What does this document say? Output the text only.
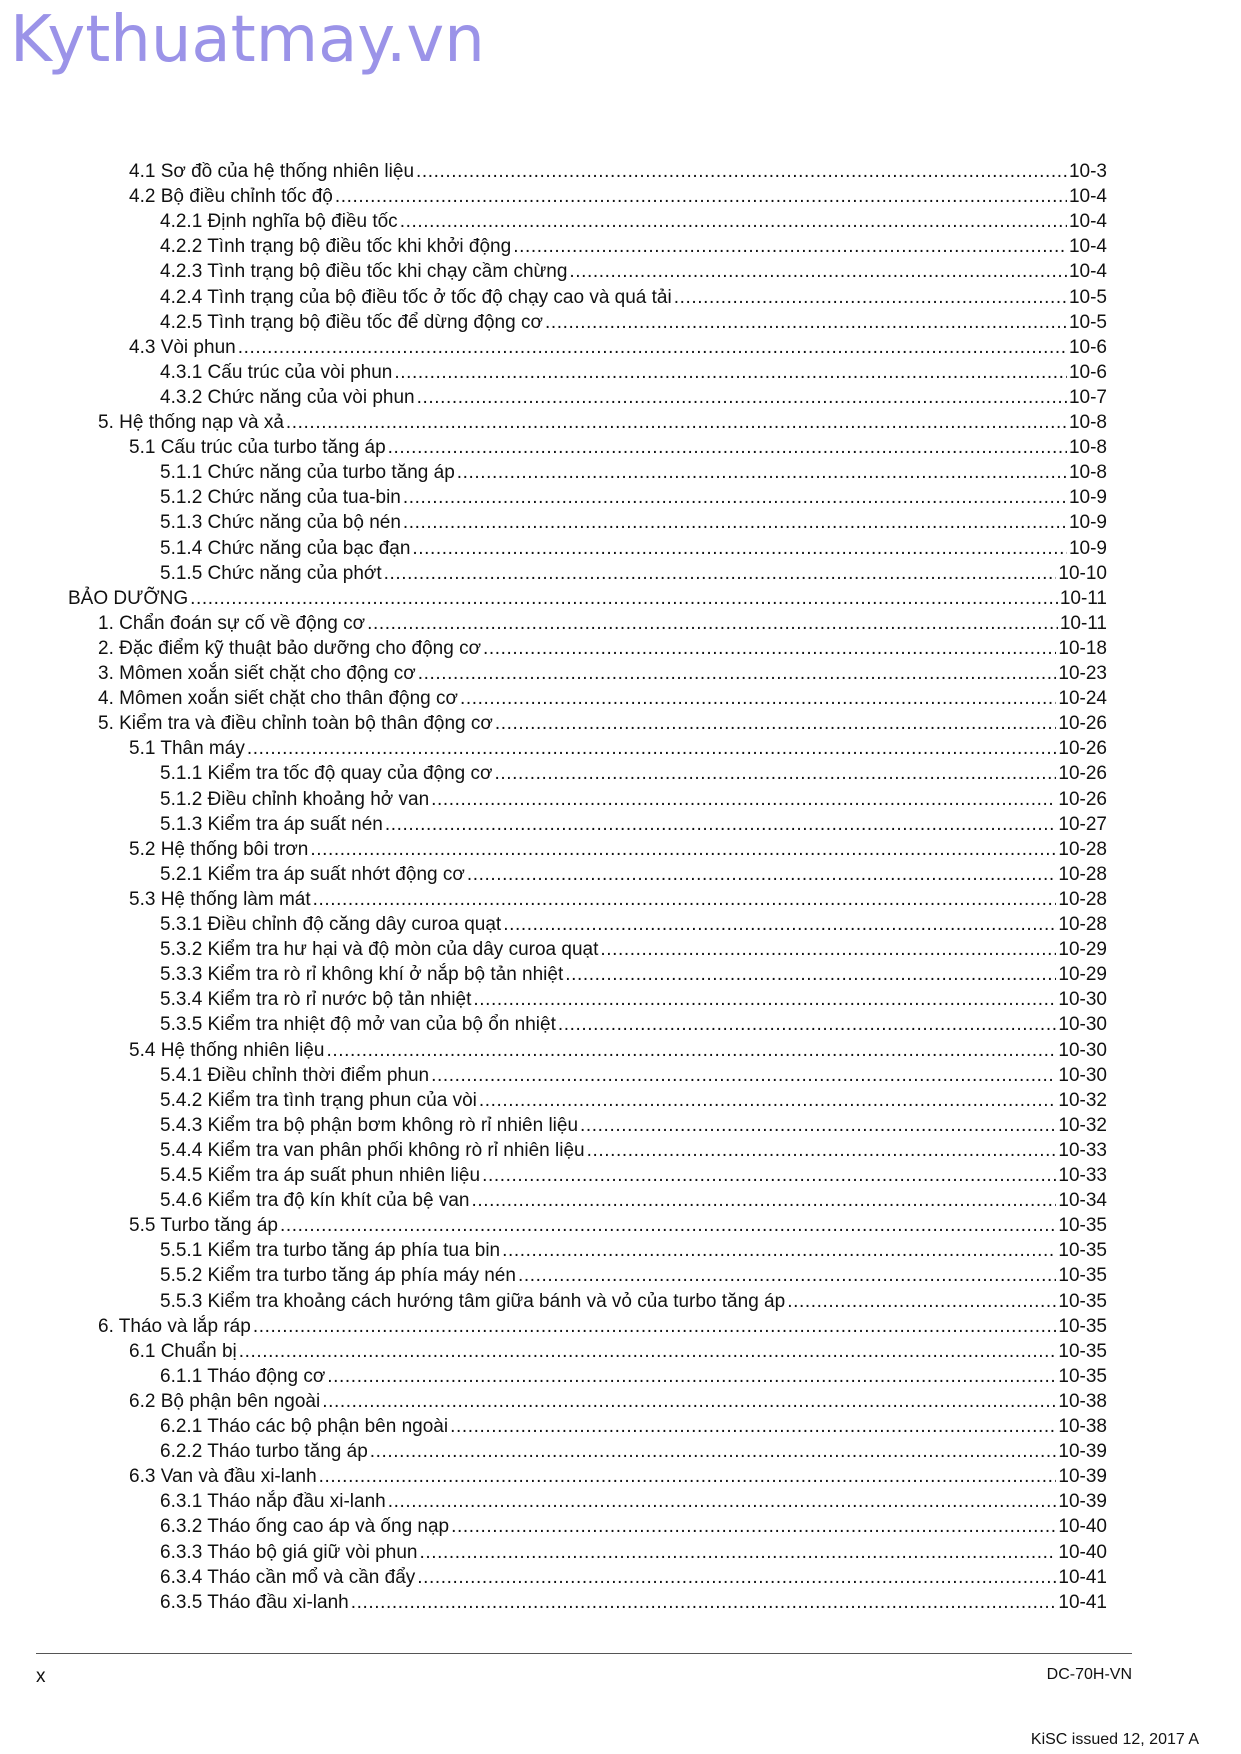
Kythuatmay.vn
4.1 Sơ đồ của hệ thống nhiên liệu .....	10-3
4.2 Bộ điều chỉnh tốc độ .....	10-4
4.2.1 Định nghĩa bộ điều tốc .....	10-4
4.2.2 Tình trạng bộ điều tốc khi khởi động .....	10-4
4.2.3 Tình trạng bộ điều tốc khi chạy cầm chừng .....	10-4
4.2.4 Tình trạng của bộ điều tốc ở tốc độ chạy cao và quá tải .....	10-5
4.2.5 Tình trạng bộ điều tốc để dừng động cơ .....	10-5
4.3 Vòi phun .....	10-6
4.3.1 Cấu trúc của vòi phun .....	10-6
4.3.2 Chức năng của vòi phun .....	10-7
5. Hệ thống nạp và xả .....	10-8
5.1 Cấu trúc của turbo tăng áp .....	10-8
5.1.1 Chức năng của turbo tăng áp .....	10-8
5.1.2 Chức năng của tua-bin .....	10-9
5.1.3 Chức năng của bộ nén .....	10-9
5.1.4 Chức năng của bạc đạn .....	10-9
5.1.5 Chức năng của phớt .....	10-10
BẢO DƯỠNG .....	10-11
1. Chẩn đoán sự cố về động cơ .....	10-11
2. Đặc điểm kỹ thuật bảo dưỡng cho động cơ .....	10-18
3. Mômen xoắn siết chặt cho động cơ .....	10-23
4. Mômen xoắn siết chặt cho thân động cơ .....	10-24
5. Kiểm tra và điều chỉnh toàn bộ thân động cơ .....	10-26
5.1 Thân máy .....	10-26
5.1.1 Kiểm tra tốc độ quay của động cơ .....	10-26
5.1.2 Điều chỉnh khoảng hở van .....	10-26
5.1.3 Kiểm tra áp suất nén .....	10-27
5.2 Hệ thống bôi trơn .....	10-28
5.2.1 Kiểm tra áp suất nhớt động cơ .....	10-28
5.3 Hệ thống làm mát .....	10-28
5.3.1 Điều chỉnh độ căng dây curoa quạt .....	10-28
5.3.2 Kiểm tra hư hại và độ mòn của dây curoa quạt .....	10-29
5.3.3 Kiểm tra rò rỉ không khí ở nắp bộ tản nhiệt .....	10-29
5.3.4 Kiểm tra rò rỉ nước bộ tản nhiệt .....	10-30
5.3.5 Kiểm tra nhiệt độ mở van của bộ ổn nhiệt .....	10-30
5.4 Hệ thống nhiên liệu .....	10-30
5.4.1 Điều chỉnh thời điểm phun .....	10-30
5.4.2 Kiểm tra tình trạng phun của vòi .....	10-32
5.4.3 Kiểm tra bộ phận bơm không rò rỉ nhiên liệu .....	10-32
5.4.4 Kiểm tra van phân phối không rò rỉ nhiên liệu .....	10-33
5.4.5 Kiểm tra áp suất phun nhiên liệu .....	10-33
5.4.6 Kiểm tra độ kín khít của bệ van .....	10-34
5.5 Turbo tăng áp .....	10-35
5.5.1 Kiểm tra turbo tăng áp phía tua bin .....	10-35
5.5.2 Kiểm tra turbo tăng áp phía máy nén .....	10-35
5.5.3 Kiểm tra khoảng cách hướng tâm giữa bánh và vỏ của turbo tăng áp .....	10-35
6. Tháo và lắp ráp .....	10-35
6.1 Chuẩn bị .....	10-35
6.1.1 Tháo động cơ .....	10-35
6.2 Bộ phận bên ngoài .....	10-38
6.2.1 Tháo các bộ phận bên ngoài .....	10-38
6.2.2 Tháo turbo tăng áp .....	10-39
6.3 Van và đầu xi-lanh .....	10-39
6.3.1 Tháo nắp đầu xi-lanh .....	10-39
6.3.2 Tháo ống cao áp và ống nạp .....	10-40
6.3.3 Tháo bộ giá giữ vòi phun .....	10-40
6.3.4 Tháo cần mổ và cần đẩy .....	10-41
6.3.5 Tháo đầu xi-lanh .....	10-41
x	DC-70H-VN
KiSC issued 12, 2017 A
